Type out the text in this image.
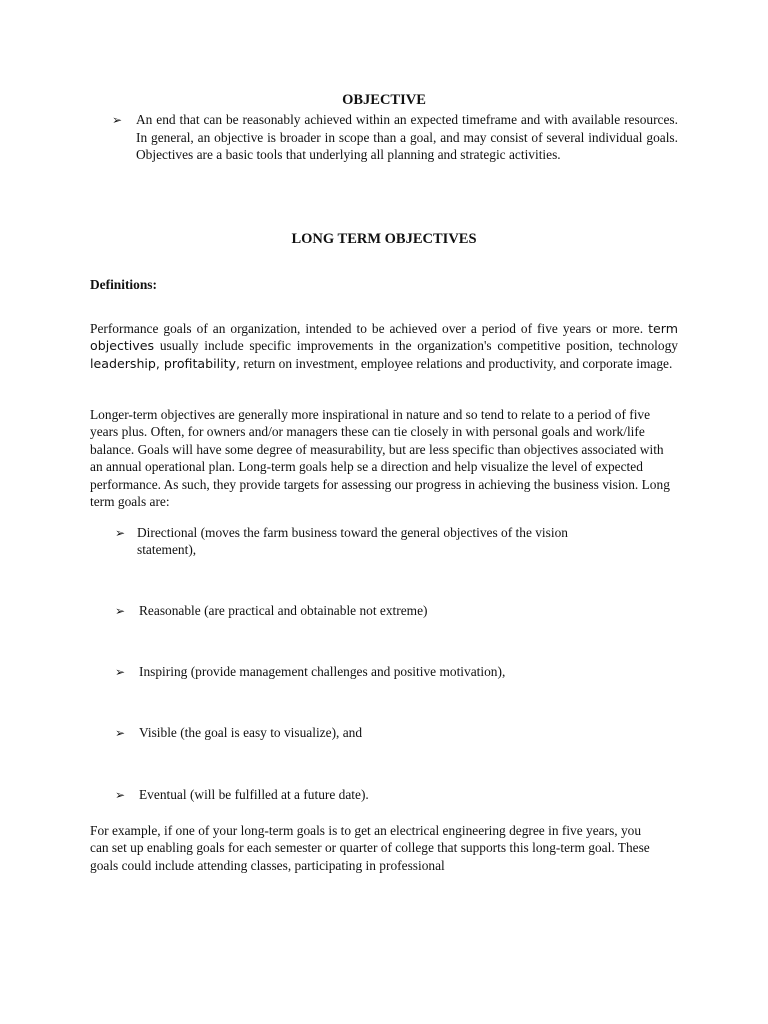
OBJECTIVE
➢	An end that can be reasonably achieved within an expected timeframe and with available resources. In general, an objective is broader in scope than a goal, and may consist of several individual goals. Objectives are a basic tools that underlying all planning and strategic activities.

LONG TERM OBJECTIVES

Definitions:

Performance goals of an organization, intended to be achieved over a period of five years or more. term objectives usually include specific improvements in the organization's competitive position, technology leadership, profitability, return on investment, employee relations and productivity, and corporate image.

Longer-term objectives are generally more inspirational in nature and so tend to relate to a period of five years plus. Often, for owners and/or managers these can tie closely in with personal goals and work/life balance. Goals will have some degree of measurability, but are less specific than objectives associated with an annual operational plan. Long-term goals help se a direction and help visualize the level of expected performance. As such, they provide targets for assessing our progress in achieving the business vision. Long term goals are:

➢ Directional (moves the farm business toward the general objectives of the vision statement),

➢	Reasonable (are practical and obtainable not extreme)

➢	Inspiring (provide management challenges and positive motivation),

➢	Visible (the goal is easy to visualize), and

➢	Eventual (will be fulfilled at a future date).

For example, if one of your long-term goals is to get an electrical engineering degree in five years, you can set up enabling goals for each semester or quarter of college that supports this long-term goal. These goals could include attending classes, participating in professional
